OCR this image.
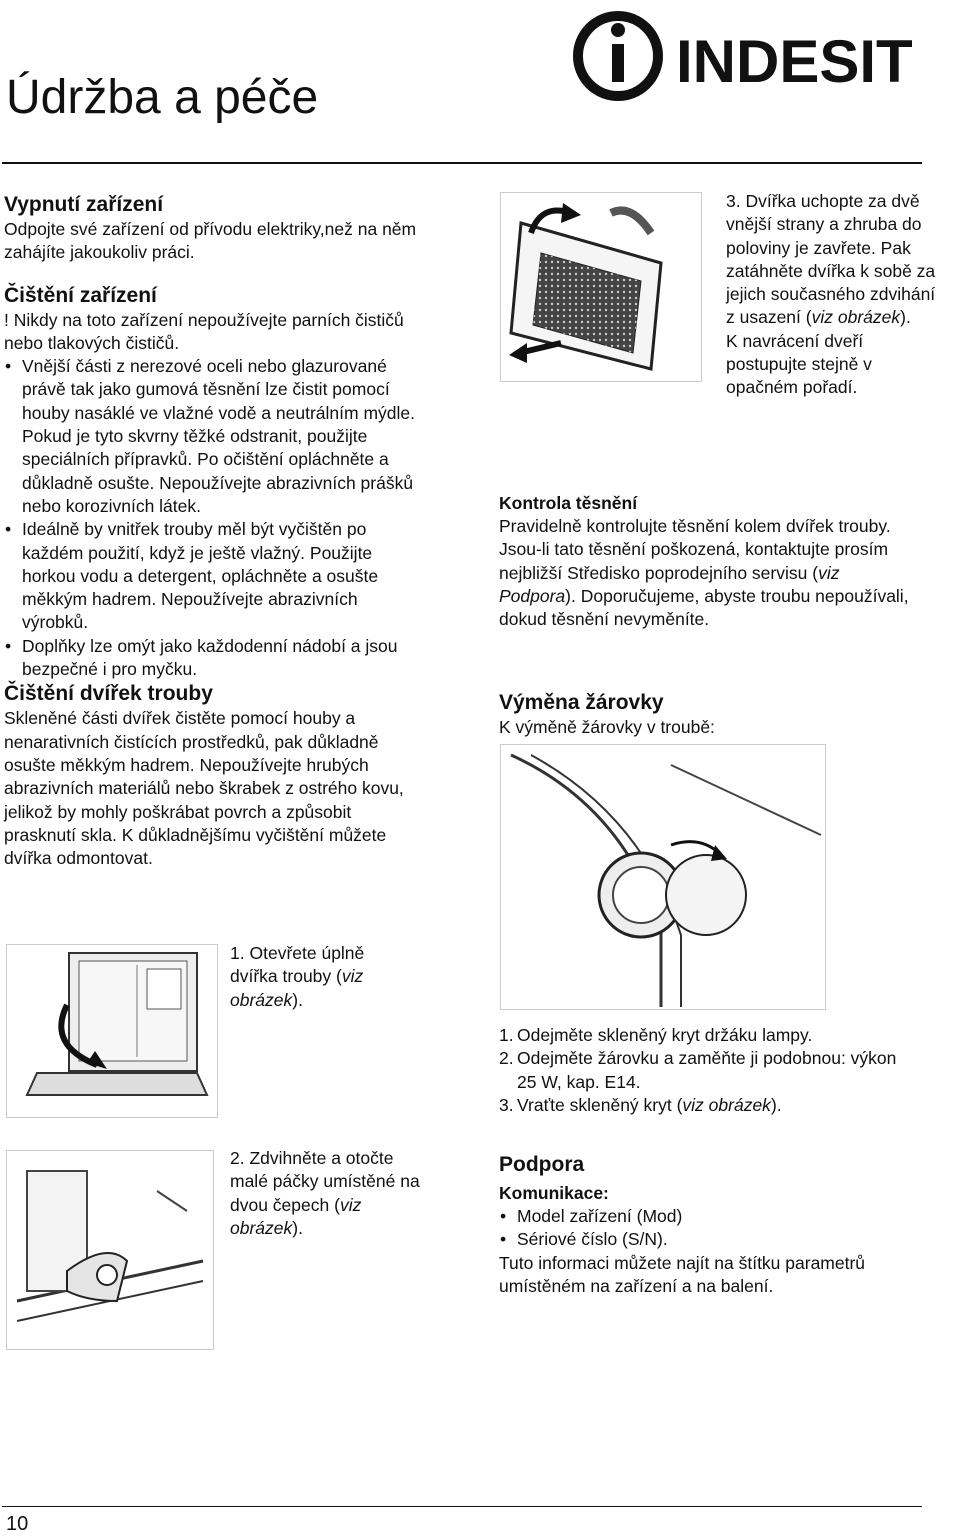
Údržba a péče
INDESIT
Vypnutí zařízení

Odpojte své zařízení od přívodu elektriky,než na něm zahájíte jakoukoliv práci.

Čištění zařízení

! Nikdy na toto zařízení nepoužívejte parních čističů nebo tlakových čističů.

• Vnější části z nerezové oceli nebo glazurované právě tak jako gumová těsnění lze čistit pomocí houby nasáklé ve vlažné vodě a neutrálním mýdle. Pokud je tyto skvrny těžké odstranit, použijte speciálních přípravků. Po očištění opláchněte a důkladně osušte. Nepoužívejte abrazivních prášků nebo korozivních látek.
• Ideálně by vnitřek trouby měl být vyčištěn po každém použití, když je ještě vlažný. Použijte horkou vodu a detergent, opláchněte a osušte měkkým hadrem. Nepoužívejte abrazivních výrobků.
• Doplňky lze omýt jako každodenní nádobí a jsou bezpečné i pro myčku.
Čištění dvířek trouby

Skleněné části dvířek čistěte pomocí houby a nenarativních čistících prostředků, pak důkladně osušte měkkým hadrem. Nepoužívejte hrubých abrazivních materiálů nebo škrabek z ostrého kovu, jelikož by mohly poškrábat povrch a způsobit prasknutí skla. K důkladnějšímu vyčištění můžete dvířka odmontovat.

1. Otevřete úplně dvířka trouby (viz obrázek).
2. Zdvihněte a otočte malé páčky umístěné na dvou čepech (viz obrázek).
3. Dvířka uchopte za dvě vnější strany a zhruba do poloviny je zavřete. Pak zatáhněte dvířka k sobě za jejich současného zdvihání z usazení (viz obrázek).
K navrácení dveří postupujte stejně v opačném pořadí.
Kontrola těsnění

Pravidelně kontrolujte těsnění kolem dvířek trouby. Jsou-li tato těsnění poškozená, kontaktujte prosím nejbližší Středisko poprodejního servisu (viz Podpora). Doporučujeme, abyste troubu nepoužívali, dokud těsnění nevyměníte.

Výměna žárovky

K výměně žárovky v troubě:

1. Odejměte skleněný kryt držáku lampy.
2. Odejměte žárovku a zaměňte ji podobnou: výkon 25 W, kap. E14.
3. Vraťte skleněný kryt (viz obrázek).
Podpora
Komunikace:
• Model zařízení (Mod)
• Sériové číslo (S/N).

Tuto informaci můžete najít na štítku parametrů umístěném na zařízení a na balení.

10
